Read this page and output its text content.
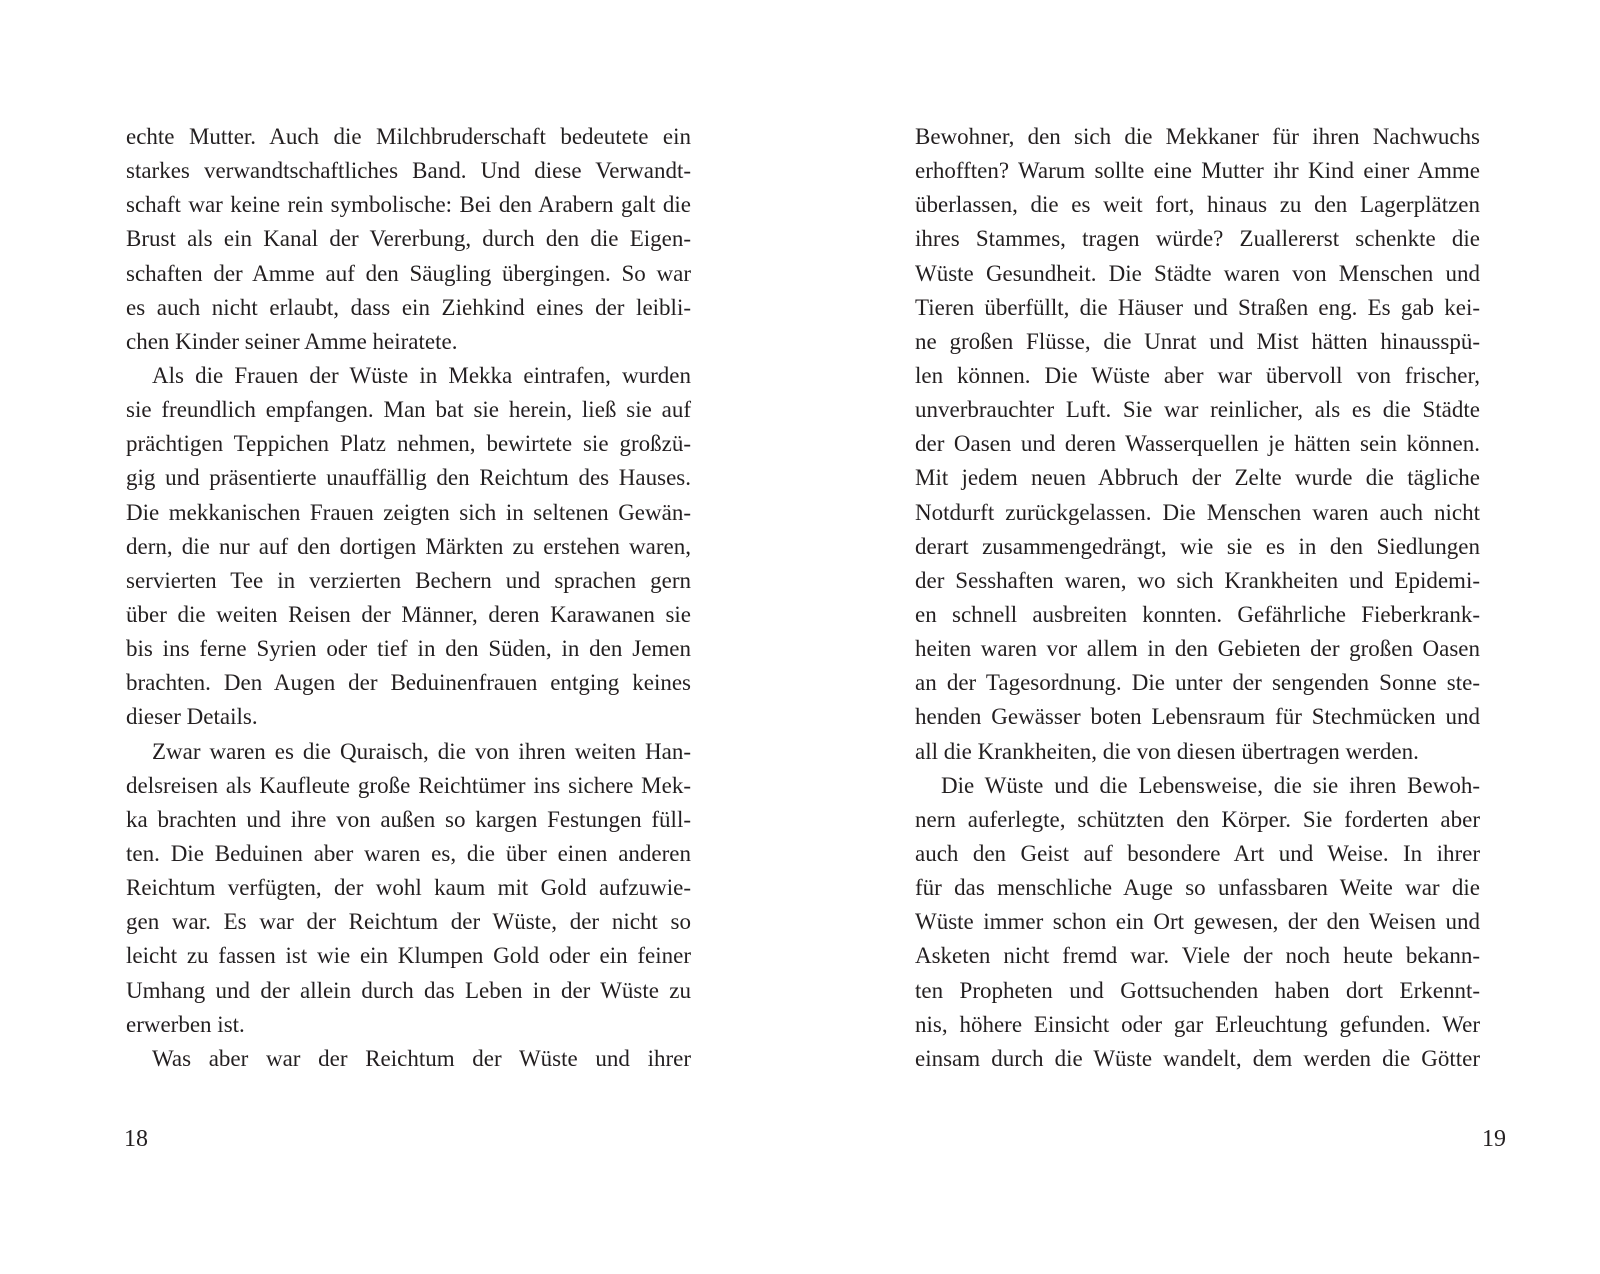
echte Mutter. Auch die Milchbruderschaft bedeutete ein
starkes verwandtschaftliches Band. Und diese Verwandt-
schaft war keine rein symbolische: Bei den Arabern galt die
Brust als ein Kanal der Vererbung, durch den die Eigen-
schaften der Amme auf den Säugling übergingen. So war
es auch nicht erlaubt, dass ein Ziehkind eines der leibli-
chen Kinder seiner Amme heiratete.
Als die Frauen der Wüste in Mekka eintrafen, wurden
sie freundlich empfangen. Man bat sie herein, ließ sie auf
prächtigen Teppichen Platz nehmen, bewirtete sie großzü-
gig und präsentierte unauffällig den Reichtum des Hauses.
Die mekkanischen Frauen zeigten sich in seltenen Gewän-
dern, die nur auf den dortigen Märkten zu erstehen waren,
servierten Tee in verzierten Bechern und sprachen gern
über die weiten Reisen der Männer, deren Karawanen sie
bis ins ferne Syrien oder tief in den Süden, in den Jemen
brachten. Den Augen der Beduinenfrauen entging keines
dieser Details.
Zwar waren es die Quraisch, die von ihren weiten Han-
delsreisen als Kaufleute große Reichtümer ins sichere Mek-
ka brachten und ihre von außen so kargen Festungen füll-
ten. Die Beduinen aber waren es, die über einen anderen
Reichtum verfügten, der wohl kaum mit Gold aufzuwie-
gen war. Es war der Reichtum der Wüste, der nicht so
leicht zu fassen ist wie ein Klumpen Gold oder ein feiner
Umhang und der allein durch das Leben in der Wüste zu
erwerben ist.
Was aber war der Reichtum der Wüste und ihrer
18
Bewohner, den sich die Mekkaner für ihren Nachwuchs
erhofften? Warum sollte eine Mutter ihr Kind einer Amme
überlassen, die es weit fort, hinaus zu den Lagerplätzen
ihres Stammes, tragen würde? Zuallererst schenkte die
Wüste Gesundheit. Die Städte waren von Menschen und
Tieren überfüllt, die Häuser und Straßen eng. Es gab kei-
ne großen Flüsse, die Unrat und Mist hätten hinausspü-
len können. Die Wüste aber war übervoll von frischer,
unverbrauchter Luft. Sie war reinlicher, als es die Städte
der Oasen und deren Wasserquellen je hätten sein können.
Mit jedem neuen Abbruch der Zelte wurde die tägliche
Notdurft zurückgelassen. Die Menschen waren auch nicht
derart zusammengedrängt, wie sie es in den Siedlungen
der Sesshaften waren, wo sich Krankheiten und Epidemi-
en schnell ausbreiten konnten. Gefährliche Fieberkrank-
heiten waren vor allem in den Gebieten der großen Oasen
an der Tagesordnung. Die unter der sengenden Sonne ste-
henden Gewässer boten Lebensraum für Stechmücken und
all die Krankheiten, die von diesen übertragen werden.
Die Wüste und die Lebensweise, die sie ihren Bewoh-
nern auferlegte, schützten den Körper. Sie forderten aber
auch den Geist auf besondere Art und Weise. In ihrer
für das menschliche Auge so unfassbaren Weite war die
Wüste immer schon ein Ort gewesen, der den Weisen und
Asketen nicht fremd war. Viele der noch heute bekann-
ten Propheten und Gottsuchenden haben dort Erkennt-
nis, höhere Einsicht oder gar Erleuchtung gefunden. Wer
einsam durch die Wüste wandelt, dem werden die Götter
19
